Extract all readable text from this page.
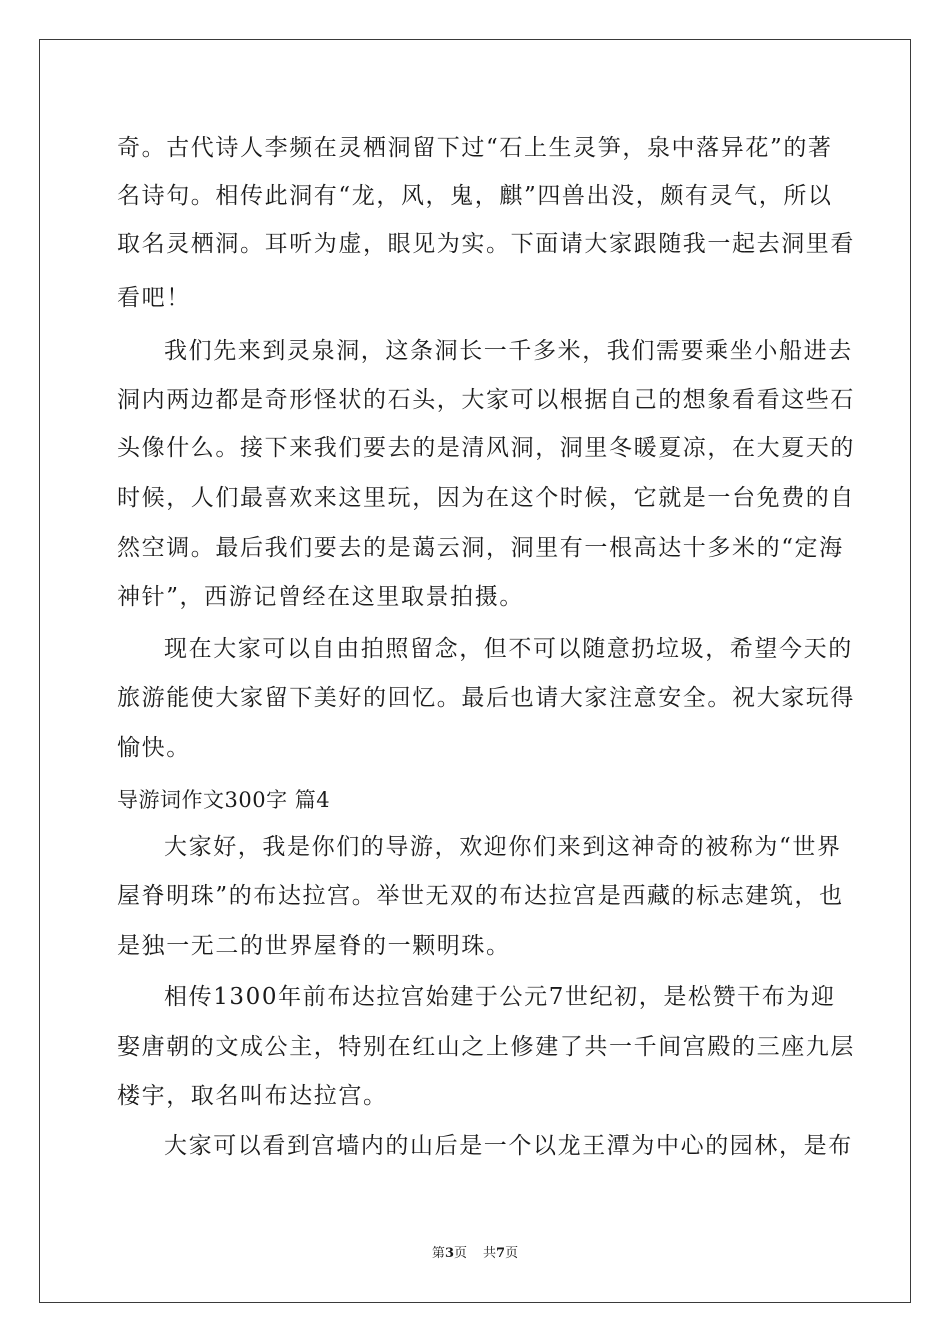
奇。古代诗人李频在灵栖洞留下过“石上生灵笋，泉中落异花”的著
名诗句。相传此洞有“龙，风，鬼，麒”四兽出没，颇有灵气，所以
取名灵栖洞。耳听为虚，眼见为实。下面请大家跟随我一起去洞里看
看吧！
我们先来到灵泉洞，这条洞长一千多米，我们需要乘坐小船进去
洞内两边都是奇形怪状的石头，大家可以根据自己的想象看看这些石
头像什么。接下来我们要去的是清风洞，洞里冬暖夏凉，在大夏天的
时候，人们最喜欢来这里玩，因为在这个时候，它就是一台免费的自
然空调。最后我们要去的是蔼云洞，洞里有一根高达十多米的“定海
神针”，西游记曾经在这里取景拍摄。
现在大家可以自由拍照留念，但不可以随意扔垃圾，希望今天的
旅游能使大家留下美好的回忆。最后也请大家注意安全。祝大家玩得
愉快。
导游词作文300字 篇4
大家好，我是你们的导游，欢迎你们来到这神奇的被称为“世界
屋脊明珠”的布达拉宫。举世无双的布达拉宫是西藏的标志建筑，也
是独一无二的世界屋脊的一颗明珠。
相传1300年前布达拉宫始建于公元7世纪初，是松赞干布为迎
娶唐朝的文成公主，特别在红山之上修建了共一千间宫殿的三座九层
楼宇，取名叫布达拉宫。
大家可以看到宫墙内的山后是一个以龙王潭为中心的园林，是布
第3页 共7页
